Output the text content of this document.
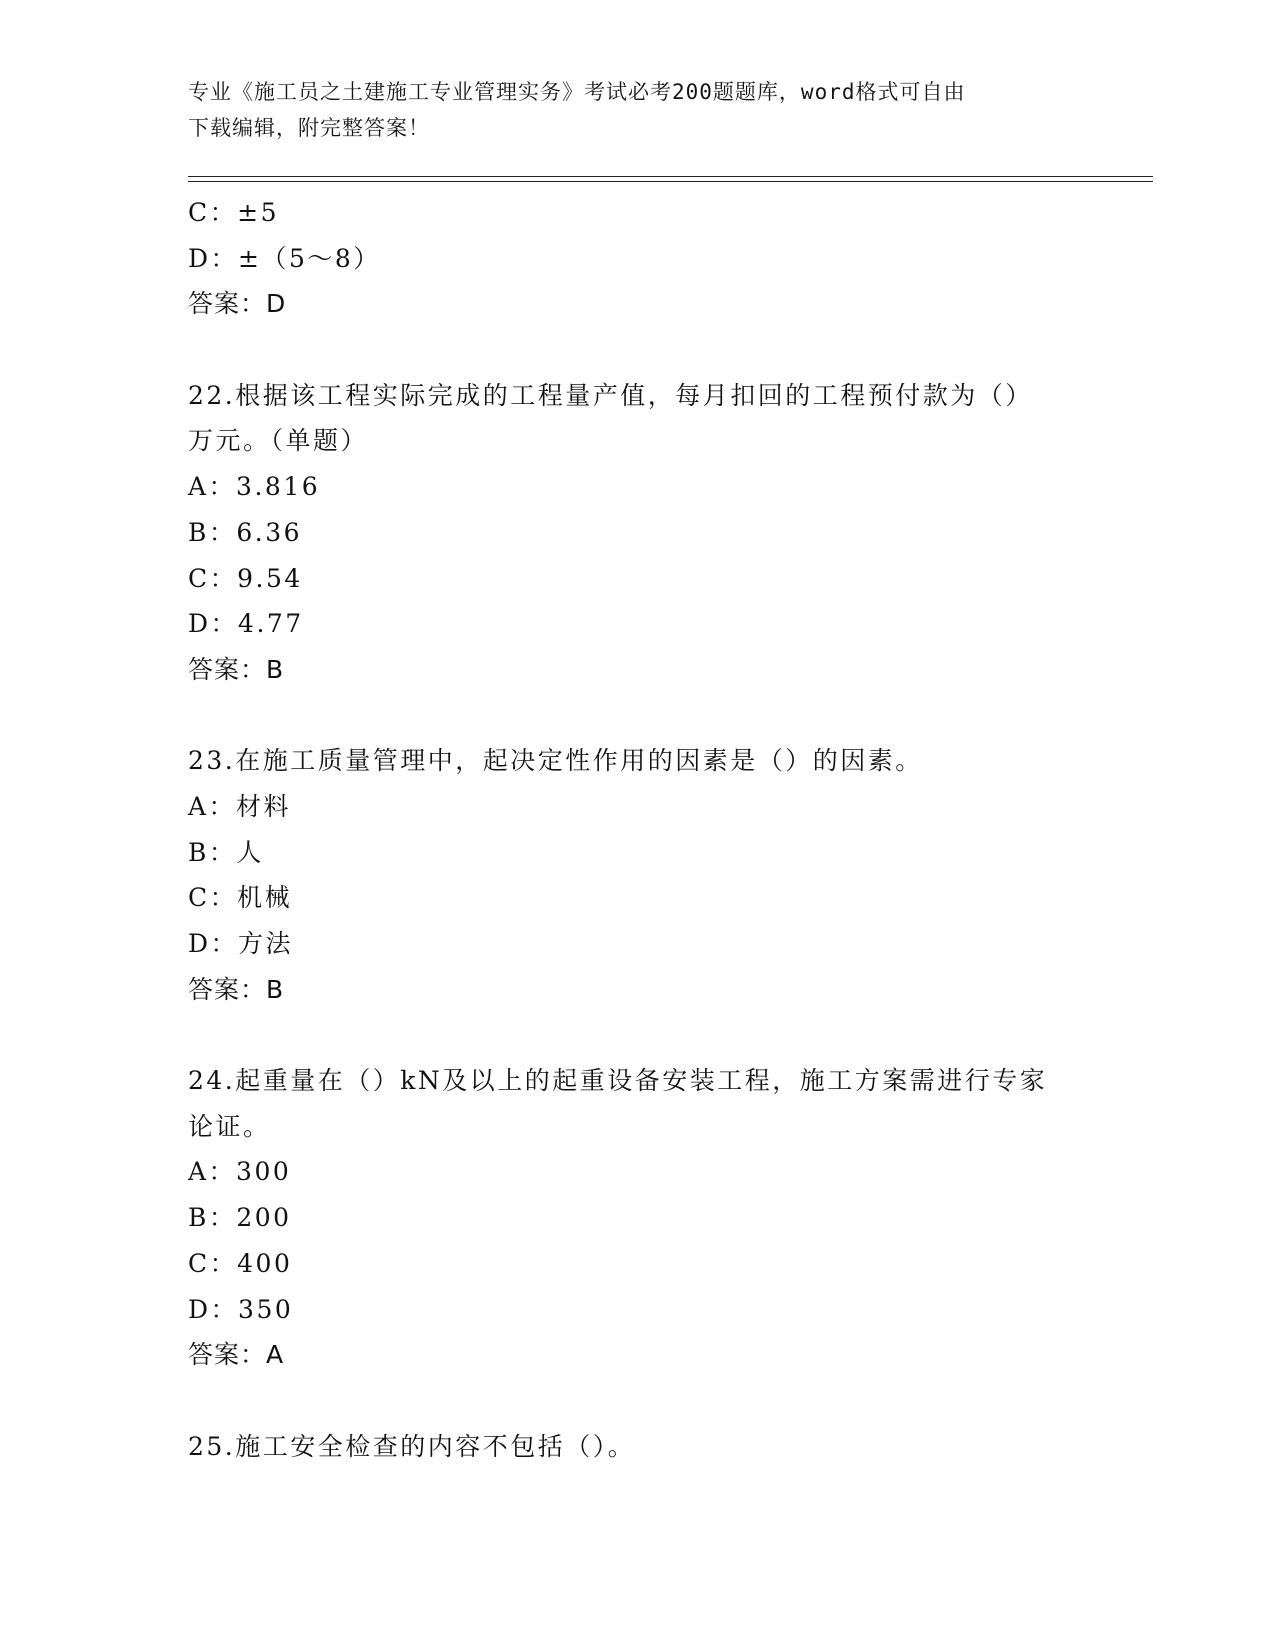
专业《施工员之土建施工专业管理实务》考试必考200题题库，word格式可自由
下载编辑，附完整答案！
C：±5
D：±（5～8）
答案：D
22.根据该工程实际完成的工程量产值，每月扣回的工程预付款为（）
万元。（单题）
A：3.816
B：6.36
C：9.54
D：4.77
答案：B
23.在施工质量管理中，起决定性作用的因素是（）的因素。
A：材料
B：人
C：机械
D：方法
答案：B
24.起重量在（）kN及以上的起重设备安装工程，施工方案需进行专家
论证。
A：300
B：200
C：400
D：350
答案：A
25.施工安全检查的内容不包括（）。
